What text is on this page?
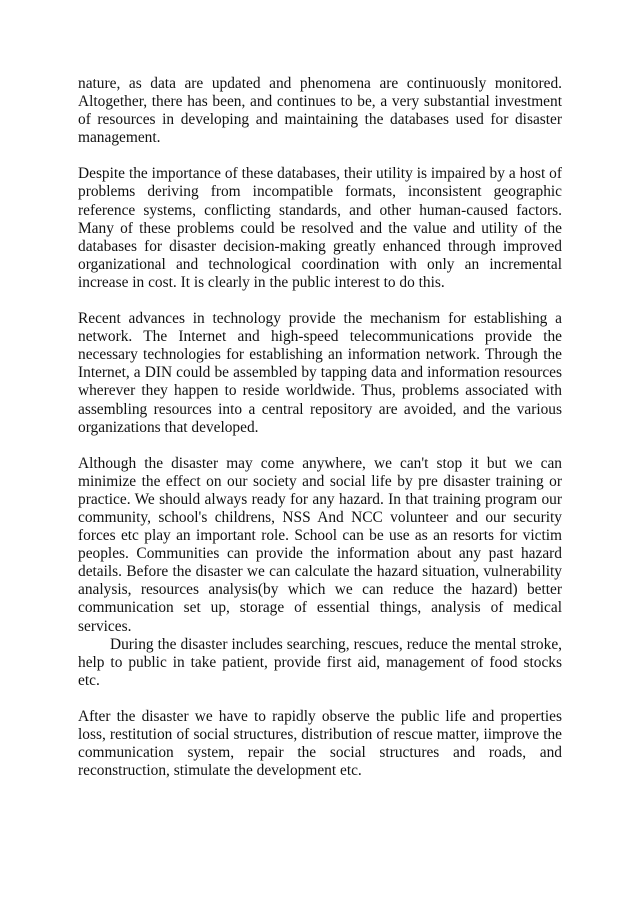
nature, as data are updated and phenomena are continuously monitored. Altogether, there has been, and continues to be, a very substantial investment of resources in developing and maintaining the databases used for disaster management.

Despite the importance of these databases, their utility is impaired by a host of problems deriving from incompatible formats, inconsistent geographic reference systems, conflicting standards, and other human-caused factors. Many of these problems could be resolved and the value and utility of the databases for disaster decision-making greatly enhanced through improved organizational and technological coordination with only an incremental increase in cost. It is clearly in the public interest to do this.

Recent advances in technology provide the mechanism for establishing a network. The Internet and high-speed telecommunications provide the necessary technologies for establishing an information network. Through the Internet, a DIN could be assembled by tapping data and information resources wherever they happen to reside worldwide. Thus, problems associated with assembling resources into a central repository are avoided, and the various organizations that developed.

Although the disaster may come anywhere, we can't stop it but we can minimize the effect on our society and social life by pre disaster training or practice. We should always ready for any hazard. In that training program our community, school's childrens, NSS And NCC volunteer and our security forces etc play an important role. School can be use as an resorts for victim peoples. Communities can provide the information about any past hazard details. Before the disaster we can calculate the hazard situation, vulnerability analysis, resources analysis(by which we can reduce the hazard) better communication set up, storage of essential things, analysis of medical services.

During the disaster includes searching, rescues, reduce the mental stroke, help to public in take patient, provide first aid, management of food stocks etc.

After the disaster we have to rapidly observe the public life and properties loss, restitution of social structures, distribution of rescue matter, iimprove the communication system, repair the social structures and roads, and reconstruction, stimulate the development etc.
